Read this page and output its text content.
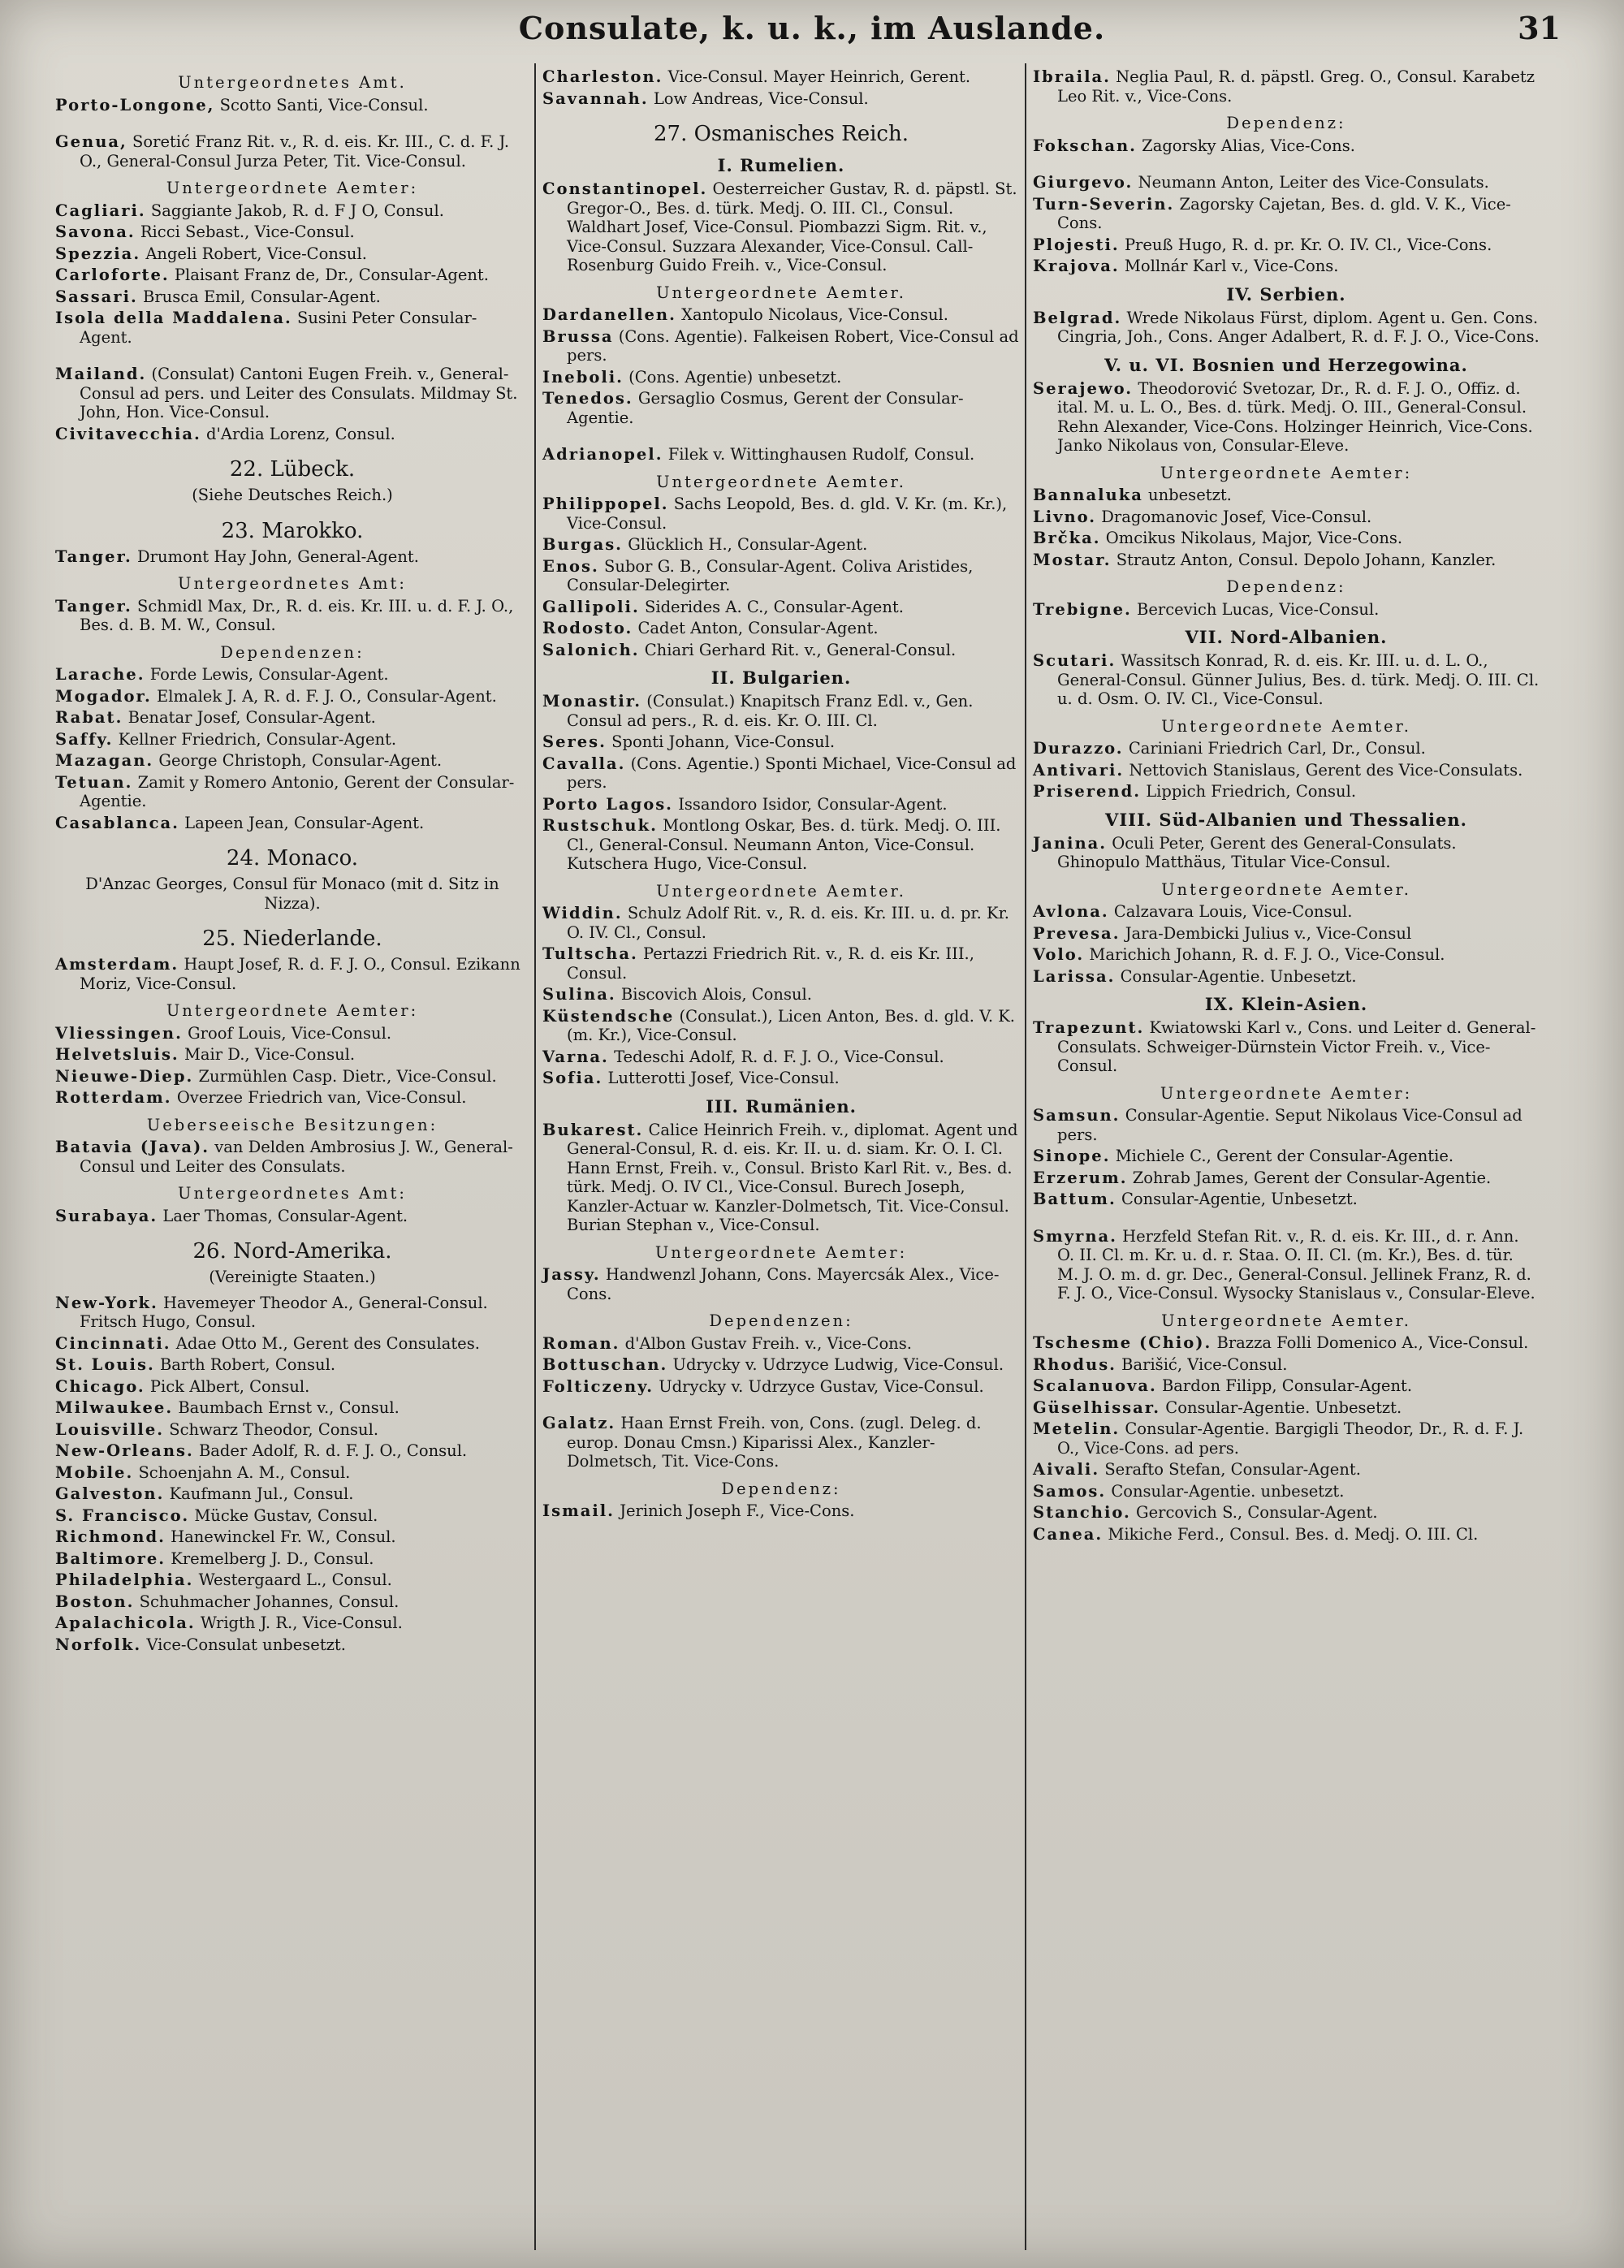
Consulate, k. u. k., im Auslande.	31
Untergeordnetes Amt.

Porto-Longone, Scotto Santi, Vice-Consul.

Genua, Soretić Franz Rit. v., R. d. eis. Kr. III., C. d. F. J. O., General-Consul Jurza Peter, Tit. Vice-Consul.

Untergeordnete Aemter:

Cagliari. Saggiante Jakob, R. d. F J O, Consul.

Savona. Ricci Sebast., Vice-Consul.

Spezzia. Angeli Robert, Vice-Consul.

Carloforte. Plaisant Franz de, Dr., Consular-Agent.

Sassari. Brusca Emil, Consular-Agent.

Isola della Maddalena. Susini Peter Consular-Agent.

Mailand. (Consulat) Cantoni Eugen Freih. v., General-Consul ad pers. und Leiter des Consulats. Mildmay St. John, Hon. Vice-Consul.

Civitavecchia. d'Ardia Lorenz, Consul.

22. Lübeck.
(Siehe Deutsches Reich.)
23. Marokko.

Tanger. Drumont Hay John, General-Agent.

Untergeordnetes Amt:

Tanger. Schmidl Max, Dr., R. d. eis. Kr. III. u. d. F. J. O., Bes. d. B. M. W., Consul.

Dependenzen:

Larache. Forde Lewis, Consular-Agent.

Mogador. Elmalek J. A, R. d. F. J. O., Consular-Agent.

Rabat. Benatar Josef, Consular-Agent.

Saffy. Kellner Friedrich, Consular-Agent.

Mazagan. George Christoph, Consular-Agent.

Tetuan. Zamit y Romero Antonio, Gerent der Consular-Agentie.

Casablanca. Lapeen Jean, Consular-Agent.

24. Monaco.
D'Anzac Georges, Consul für Monaco (mit d. Sitz in Nizza).
25. Niederlande.

Amsterdam. Haupt Josef, R. d. F. J. O., Consul. Ezikann Moriz, Vice-Consul.

Untergeordnete Aemter:

Vliessingen. Groof Louis, Vice-Consul.

Helvetsluis. Mair D., Vice-Consul.

Nieuwe-Diep. Zurmühlen Casp. Dietr., Vice-Consul.

Rotterdam. Overzee Friedrich van, Vice-Consul.

Ueberseeische Besitzungen:

Batavia (Java). van Delden Ambrosius J. W., General-Consul und Leiter des Consulats.

Untergeordnetes Amt:

Surabaya. Laer Thomas, Consular-Agent.

26. Nord-Amerika.
(Vereinigte Staaten.)

New-York. Havemeyer Theodor A., General-Consul. Fritsch Hugo, Consul.

Cincinnati. Adae Otto M., Gerent des Consulates.

St. Louis. Barth Robert, Consul.

Chicago. Pick Albert, Consul.

Milwaukee. Baumbach Ernst v., Consul.

Louisville. Schwarz Theodor, Consul.

New-Orleans. Bader Adolf, R. d. F. J. O., Consul.

Mobile. Schoenjahn A. M., Consul.

Galveston. Kaufmann Jul., Consul.

S. Francisco. Mücke Gustav, Consul.

Richmond. Hanewinckel Fr. W., Consul.

Baltimore. Kremelberg J. D., Consul.

Philadelphia. Westergaard L., Consul.

Boston. Schuhmacher Johannes, Consul.

Apalachicola. Wrigth J. R., Vice-Consul.

Norfolk. Vice-Consulat unbesetzt.

Charleston. Vice-Consul. Mayer Heinrich, Gerent.

Savannah. Low Andreas, Vice-Consul.

27. Osmanisches Reich.
I. Rumelien.

Constantinopel. Oesterreicher Gustav, R. d. päpstl. St. Gregor-O., Bes. d. türk. Medj. O. III. Cl., Consul. Waldhart Josef, Vice-Consul. Piombazzi Sigm. Rit. v., Vice-Consul. Suzzara Alexander, Vice-Consul. Call-Rosenburg Guido Freih. v., Vice-Consul.

Untergeordnete Aemter.

Dardanellen. Xantopulo Nicolaus, Vice-Consul.

Brussa (Cons. Agentie). Falkeisen Robert, Vice-Consul ad pers.

Ineboli. (Cons. Agentie) unbesetzt.

Tenedos. Gersaglio Cosmus, Gerent der Consular-Agentie.

Adrianopel. Filek v. Wittinghausen Rudolf, Consul.

Untergeordnete Aemter.

Philippopel. Sachs Leopold, Bes. d. gld. V. Kr. (m. Kr.), Vice-Consul.

Burgas. Glücklich H., Consular-Agent.

Enos. Subor G. B., Consular-Agent. Coliva Aristides, Consular-Delegirter.

Gallipoli. Siderides A. C., Consular-Agent.

Rodosto. Cadet Anton, Consular-Agent.

Salonich. Chiari Gerhard Rit. v., General-Consul.

II. Bulgarien.

Monastir. (Consulat.) Knapitsch Franz Edl. v., Gen. Consul ad pers., R. d. eis. Kr. O. III. Cl.

Seres. Sponti Johann, Vice-Consul.

Cavalla. (Cons. Agentie.) Sponti Michael, Vice-Consul ad pers.

Porto Lagos. Issandoro Isidor, Consular-Agent.

Rustschuk. Montlong Oskar, Bes. d. türk. Medj. O. III. Cl., General-Consul. Neumann Anton, Vice-Consul. Kutschera Hugo, Vice-Consul.

Untergeordnete Aemter.

Widdin. Schulz Adolf Rit. v., R. d. eis. Kr. III. u. d. pr. Kr. O. IV. Cl., Consul.

Tultscha. Pertazzi Friedrich Rit. v., R. d. eis Kr. III., Consul.

Sulina. Biscovich Alois, Consul.

Küstendsche (Consulat.), Licen Anton, Bes. d. gld. V. K. (m. Kr.), Vice-Consul.

Varna. Tedeschi Adolf, R. d. F. J. O., Vice-Consul.

Sofia. Lutterotti Josef, Vice-Consul.

III. Rumänien.

Bukarest. Calice Heinrich Freih. v., diplomat. Agent und General-Consul, R. d. eis. Kr. II. u. d. siam. Kr. O. I. Cl. Hann Ernst, Freih. v., Consul. Bristo Karl Rit. v., Bes. d. türk. Medj. O. IV Cl., Vice-Consul. Burech Joseph, Kanzler-Actuar w. Kanzler-Dolmetsch, Tit. Vice-Consul. Burian Stephan v., Vice-Consul.

Untergeordnete Aemter:

Jassy. Handwenzl Johann, Cons. Mayercsák Alex., Vice-Cons.

Dependenzen:

Roman. d'Albon Gustav Freih. v., Vice-Cons.

Bottuschan. Udrycky v. Udrzyce Ludwig, Vice-Consul.

Folticzeny. Udrycky v. Udrzyce Gustav, Vice-Consul.

Galatz. Haan Ernst Freih. von, Cons. (zugl. Deleg. d. europ. Donau Cmsn.) Kiparissi Alex., Kanzler-Dolmetsch, Tit. Vice-Cons.

Dependenz:

Ismail. Jerinich Joseph F., Vice-Cons.

Ibraila. Neglia Paul, R. d. päpstl. Greg. O., Consul. Karabetz Leo Rit. v., Vice-Cons.

Dependenz:

Fokschan. Zagorsky Alias, Vice-Cons.

Giurgevo. Neumann Anton, Leiter des Vice-Consulats.

Turn-Severin. Zagorsky Cajetan, Bes. d. gld. V. K., Vice-Cons.

Plojesti. Preuß Hugo, R. d. pr. Kr. O. IV. Cl., Vice-Cons.

Krajova. Mollnár Karl v., Vice-Cons.

IV. Serbien.

Belgrad. Wrede Nikolaus Fürst, diplom. Agent u. Gen. Cons. Cingria, Joh., Cons. Anger Adalbert, R. d. F. J. O., Vice-Cons.

V. u. VI. Bosnien und Herzegowina.

Serajewo. Theodorović Svetozar, Dr., R. d. F. J. O., Offiz. d. ital. M. u. L. O., Bes. d. türk. Medj. O. III., General-Consul. Rehn Alexander, Vice-Cons. Holzinger Heinrich, Vice-Cons. Janko Nikolaus von, Consular-Eleve.

Untergeordnete Aemter:

Bannaluka unbesetzt.

Livno. Dragomanovic Josef, Vice-Consul.

Brčka. Omcikus Nikolaus, Major, Vice-Cons.

Mostar. Strautz Anton, Consul. Depolo Johann, Kanzler.

Dependenz:

Trebigne. Bercevich Lucas, Vice-Consul.

VII. Nord-Albanien.

Scutari. Wassitsch Konrad, R. d. eis. Kr. III. u. d. L. O., General-Consul. Günner Julius, Bes. d. türk. Medj. O. III. Cl. u. d. Osm. O. IV. Cl., Vice-Consul.

Untergeordnete Aemter.

Durazzo. Cariniani Friedrich Carl, Dr., Consul.

Antivari. Nettovich Stanislaus, Gerent des Vice-Consulats.

Priserend. Lippich Friedrich, Consul.

VIII. Süd-Albanien und Thessalien.

Janina. Oculi Peter, Gerent des General-Consulats. Ghinopulo Matthäus, Titular Vice-Consul.

Untergeordnete Aemter.

Avlona. Calzavara Louis, Vice-Consul.

Prevesa. Jara-Dembicki Julius v., Vice-Consul

Volo. Marichich Johann, R. d. F. J. O., Vice-Consul.

Larissa. Consular-Agentie. Unbesetzt.

IX. Klein-Asien.

Trapezunt. Kwiatowski Karl v., Cons. und Leiter d. General-Consulats. Schweiger-Dürnstein Victor Freih. v., Vice-Consul.

Untergeordnete Aemter:

Samsun. Consular-Agentie. Seput Nikolaus Vice-Consul ad pers.

Sinope. Michiele C., Gerent der Consular-Agentie.

Erzerum. Zohrab James, Gerent der Consular-Agentie.

Battum. Consular-Agentie, Unbesetzt.

Smyrna. Herzfeld Stefan Rit. v., R. d. eis. Kr. III., d. r. Ann. O. II. Cl. m. Kr. u. d. r. Staa. O. II. Cl. (m. Kr.), Bes. d. tür. M. J. O. m. d. gr. Dec., General-Consul. Jellinek Franz, R. d. F. J. O., Vice-Consul. Wysocky Stanislaus v., Consular-Eleve.

Untergeordnete Aemter.

Tschesme (Chio). Brazza Folli Domenico A., Vice-Consul.

Rhodus. Barišić, Vice-Consul.

Scalanuova. Bardon Filipp, Consular-Agent.

Güselhissar. Consular-Agentie. Unbesetzt.

Metelin. Consular-Agentie. Bargigli Theodor, Dr., R. d. F. J. O., Vice-Cons. ad pers.

Aivali. Serafto Stefan, Consular-Agent.

Samos. Consular-Agentie. unbesetzt.

Stanchio. Gercovich S., Consular-Agent.

Canea. Mikiche Ferd., Consul. Bes. d. Medj. O. III. Cl.
